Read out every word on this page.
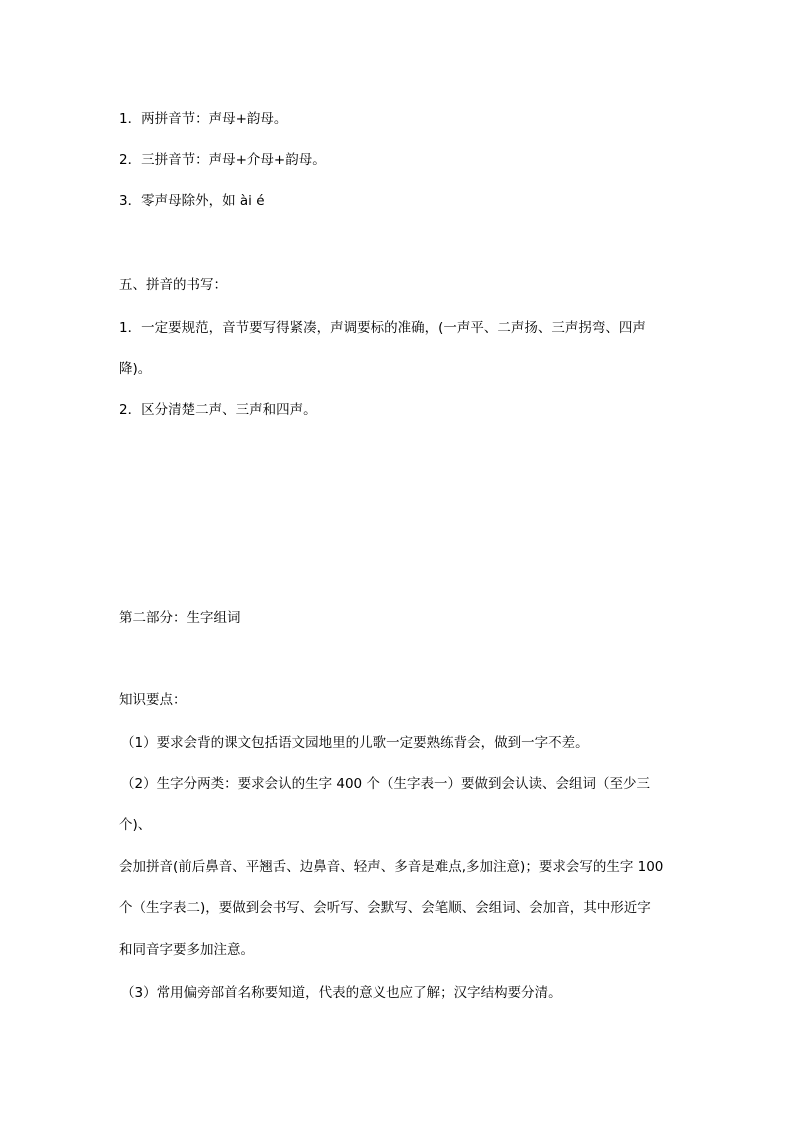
1．两拼音节：声母+韵母。
2．三拼音节：声母+介母+韵母。
3．零声母除外，如 ài é
五、拼音的书写：
1．一定要规范，音节要写得紧凑，声调要标的准确，(一声平、二声扬、三声拐弯、四声
降)。
2．区分清楚二声、三声和四声。
第二部分：生字组词
知识要点：
（1）要求会背的课文包括语文园地里的儿歌一定要熟练背会，做到一字不差。
（2）生字分两类：要求会认的生字 400 个（生字表一）要做到会认读、会组词（至少三
个)、
会加拼音(前后鼻音、平翘舌、边鼻音、轻声、多音是难点,多加注意)；要求会写的生字 100
个（生字表二)，要做到会书写、会听写、会默写、会笔顺、会组词、会加音，其中形近字
和同音字要多加注意。
（3）常用偏旁部首名称要知道，代表的意义也应了解；汉字结构要分清。
